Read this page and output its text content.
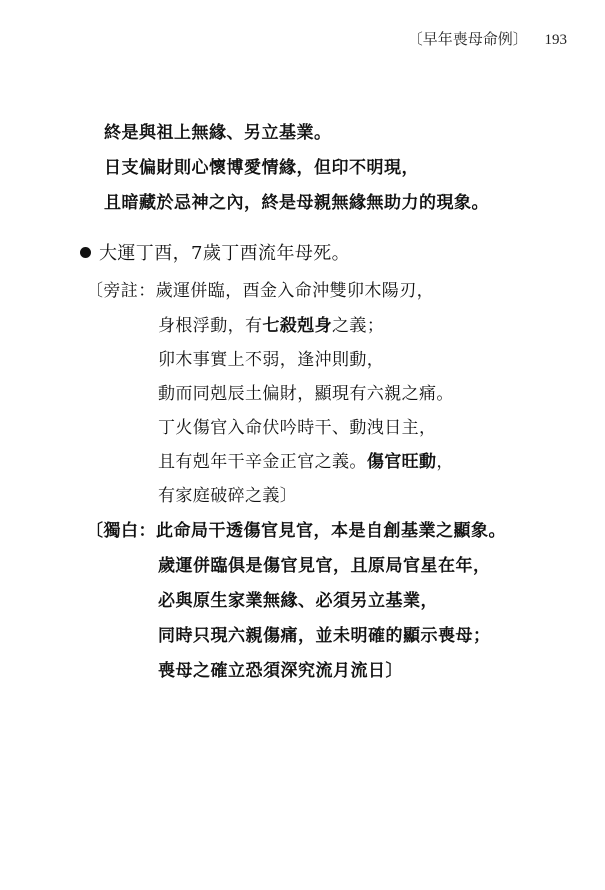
〔早年喪母命例〕 193
終是與祖上無緣、另立基業。
日支偏財則心懷博愛情緣，但印不明現，
且暗藏於忌神之內，終是母親無緣無助力的現象。
大運丁酉，7歲丁酉流年母死。
〔旁註：歲運併臨，酉金入命沖雙卯木陽刃，
身根浮動，有七殺剋身之義；
卯木事實上不弱，逢沖則動，
動而同剋辰土偏財，顯現有六親之痛。
丁火傷官入命伏吟時干、動洩日主，
且有剋年干辛金正官之義。傷官旺動，
有家庭破碎之義〕
〔獨白：此命局干透傷官見官，本是自創基業之顯象。
歲運併臨俱是傷官見官，且原局官星在年，
必與原生家業無緣、必須另立基業，
同時只現六親傷痛，並未明確的顯示喪母；
喪母之確立恐須深究流月流日〕
